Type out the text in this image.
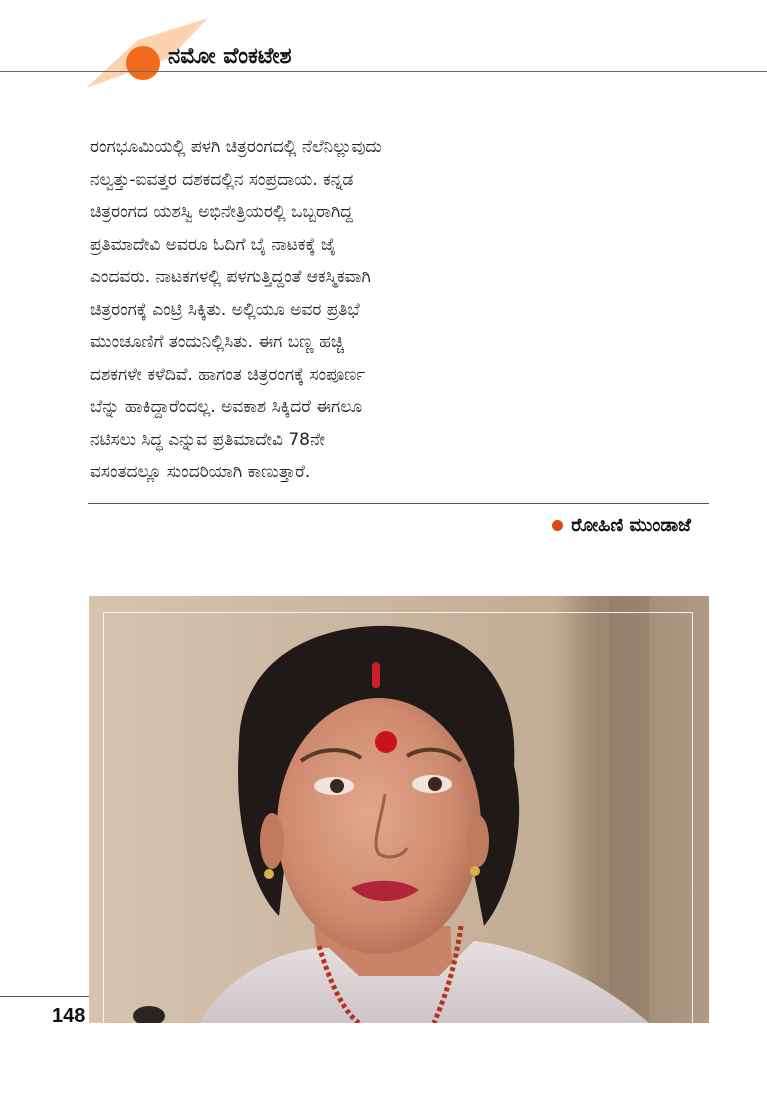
ನಮೋ ವೆಂಕಟೇಶ
ರಂಗಭೂಮಿಯಲ್ಲಿ ಪಳಗಿ ಚಿತ್ರರಂಗದಲ್ಲಿ ನೆಲೆನಿಲ್ಲುವುದು
ನಲ್ವತ್ತು-ಐವತ್ತರ ದಶಕದಲ್ಲಿನ ಸಂಪ್ರದಾಯ. ಕನ್ನಡ
ಚಿತ್ರರಂಗದ ಯಶಸ್ವಿ ಅಭಿನೇತ್ರಿಯರಲ್ಲಿ ಒಬ್ಬರಾಗಿದ್ದ
ಪ್ರತಿಮಾದೇವಿ ಅವರೂ ಓದಿಗೆ ಬೈ ನಾಟಕಕ್ಕೆ ಜೈ
ಎಂದವರು. ನಾಟಕಗಳಲ್ಲಿ ಪಳಗುತ್ತಿದ್ದಂತೆ ಆಕಸ್ಮಿಕವಾಗಿ
ಚಿತ್ರರಂಗಕ್ಕೆ ಎಂಟ್ರಿ ಸಿಕ್ಕಿತು. ಅಲ್ಲಿಯೂ ಅವರ ಪ್ರತಿಭೆ
ಮುಂಚೂಣಿಗೆ ತಂದುನಿಲ್ಲಿಸಿತು. ಈಗ ಬಣ್ಣ ಹಚ್ಚಿ
ದಶಕಗಳೇ ಕಳೆದಿವೆ. ಹಾಗಂತ ಚಿತ್ರರಂಗಕ್ಕೆ ಸಂಪೂರ್ಣ
ಬೆನ್ನು ಹಾಕಿದ್ದಾರೆಂದಲ್ಲ. ಅವಕಾಶ ಸಿಕ್ಕಿದರೆ ಈಗಲೂ
ನಟಿಸಲು ಸಿದ್ಧ ಎನ್ನುವ ಪ್ರತಿಮಾದೇವಿ 78ನೇ
ವಸಂತದಲ್ಲೂ ಸುಂದರಿಯಾಗಿ ಕಾಣುತ್ತಾರೆ.
ರೋಹಿಣಿ ಮುಂಡಾಜೆ
148
